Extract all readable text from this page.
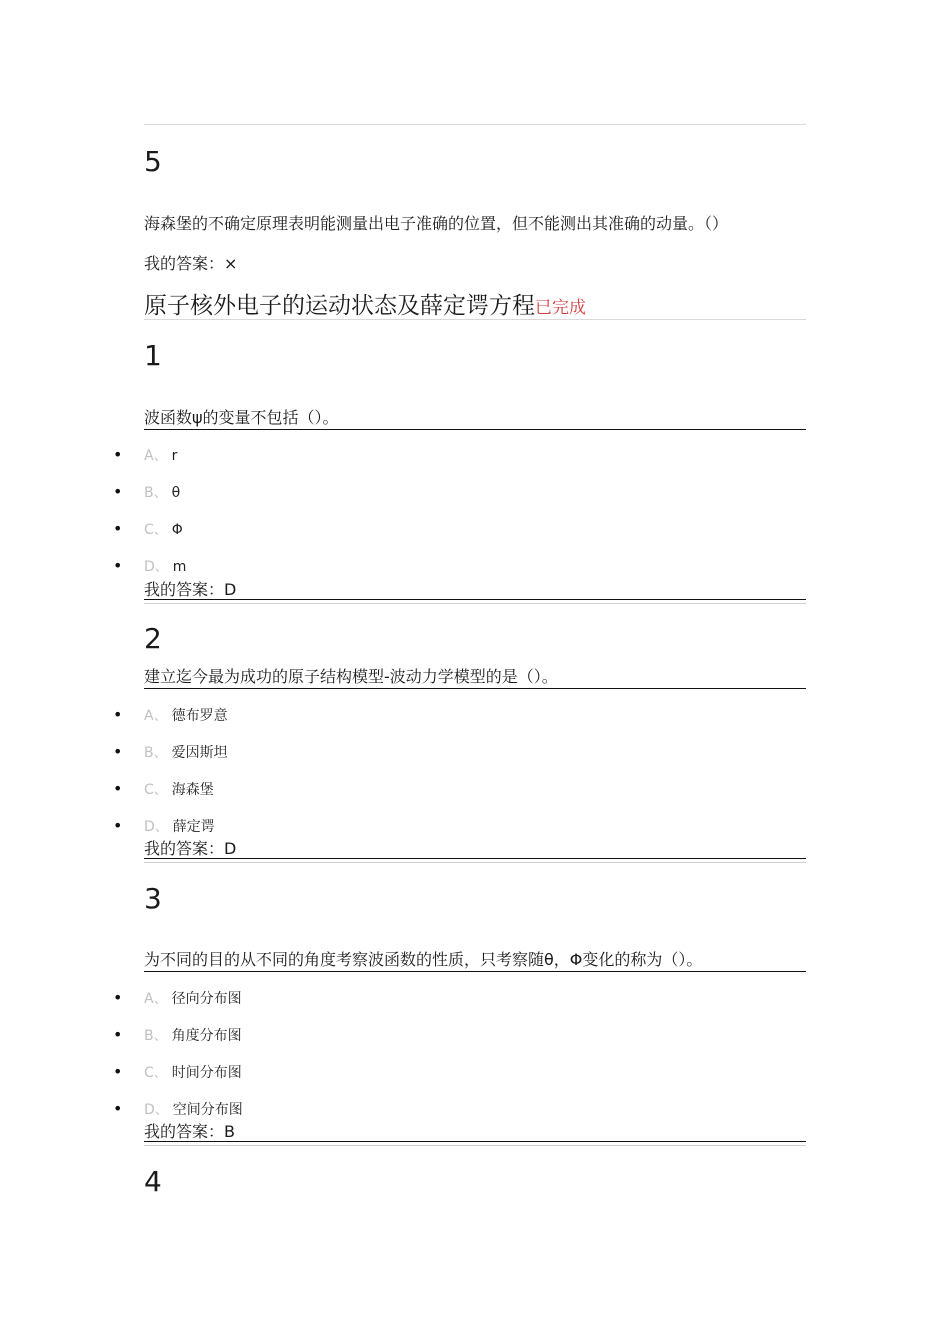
5
海森堡的不确定原理表明能测量出电子准确的位置，但不能测出其准确的动量。（）
我的答案：×
原子核外电子的运动状态及薛定谔方程已完成
1
波函数ψ的变量不包括（）。
• A、 r
• B、 θ
• C、 Φ
• D、 m
我的答案：D
2
建立迄今最为成功的原子结构模型-波动力学模型的是（）。
• A、 德布罗意
• B、 爱因斯坦
• C、 海森堡
• D、 薛定谔
我的答案：D
3
为不同的目的从不同的角度考察波函数的性质，只考察随θ，Φ变化的称为（）。
• A、 径向分布图
• B、 角度分布图
• C、 时间分布图
• D、 空间分布图
我的答案：B
4
